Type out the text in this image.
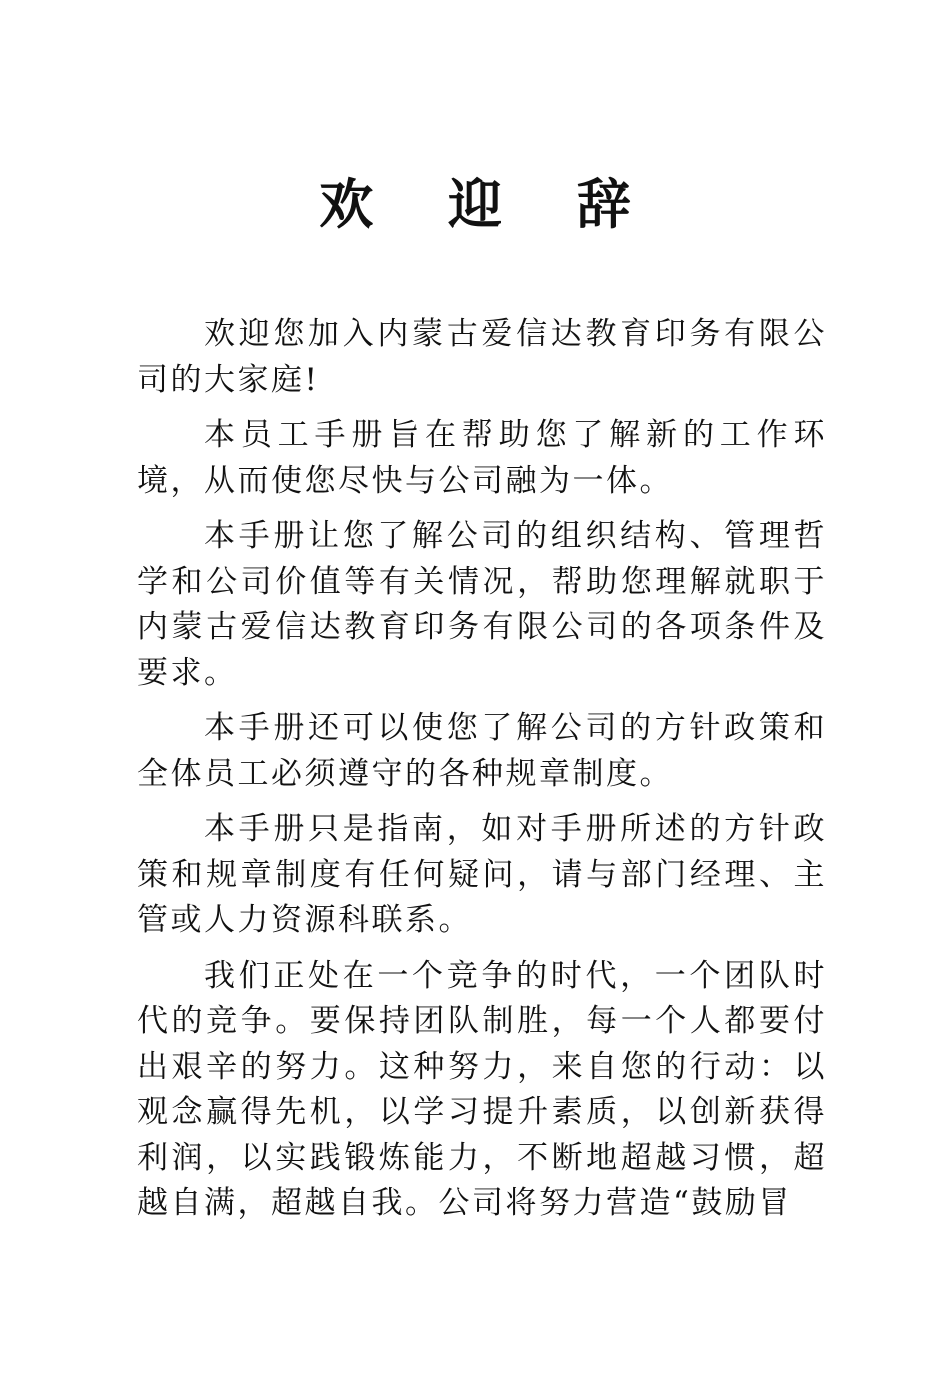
欢 迎 辞

欢迎您加入内蒙古爱信达教育印务有限公司的大家庭!

本员工手册旨在帮助您了解新的工作环境，从而使您尽快与公司融为一体。

本手册让您了解公司的组织结构、管理哲学和公司价值等有关情况，帮助您理解就职于内蒙古爱信达教育印务有限公司的各项条件及要求。

本手册还可以使您了解公司的方针政策和全体员工必须遵守的各种规章制度。

本手册只是指南，如对手册所述的方针政策和规章制度有任何疑问，请与部门经理、主管或人力资源科联系。

我们正处在一个竞争的时代，一个团队时代的竞争。要保持团队制胜，每一个人都要付出艰辛的努力。这种努力，来自您的行动：以观念赢得先机，以学习提升素质，以创新获得利润，以实践锻炼能力，不断地超越习惯，超越自满，超越自我。公司将努力营造“鼓励冒
